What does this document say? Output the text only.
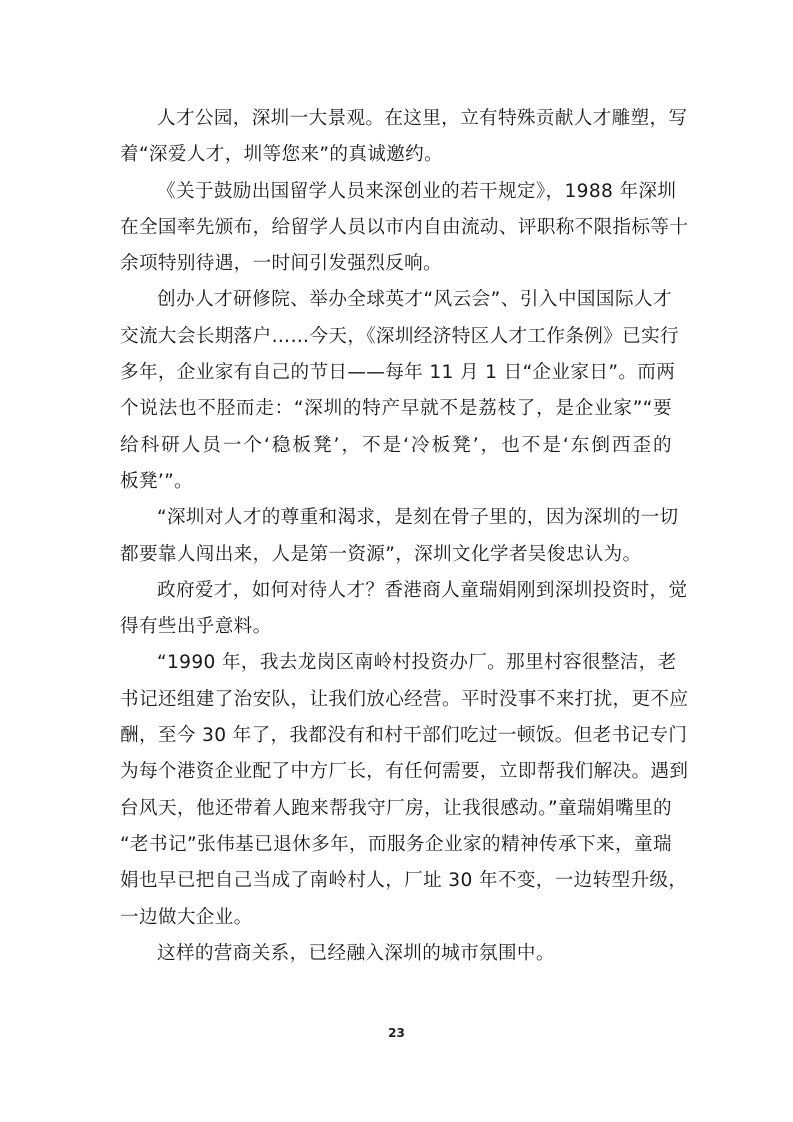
人才公园，深圳一大景观。在这里，立有特殊贡献人才雕塑，写
着“深爱人才，圳等您来”的真诚邀约。

《关于鼓励出国留学人员来深创业的若干规定》，1988 年深圳
在全国率先颁布，给留学人员以市内自由流动、评职称不限指标等十
余项特别待遇，一时间引发强烈反响。

创办人才研修院、举办全球英才“风云会”、引入中国国际人才
交流大会长期落户……今天，《深圳经济特区人才工作条例》已实行
多年，企业家有自己的节日——每年 11 月 1 日“企业家日”。而两
个说法也不胫而走：“深圳的特产早就不是荔枝了，是企业家”“要
给科研人员一个‘稳板凳’，不是‘冷板凳’，也不是‘东倒西歪的
板凳’”。

“深圳对人才的尊重和渴求，是刻在骨子里的，因为深圳的一切
都要靠人闯出来，人是第一资源”，深圳文化学者吴俊忠认为。

政府爱才，如何对待人才？香港商人童瑞娟刚到深圳投资时，觉
得有些出乎意料。

“1990 年，我去龙岗区南岭村投资办厂。那里村容很整洁，老
书记还组建了治安队，让我们放心经营。平时没事不来打扰，更不应
酬，至今 30 年了，我都没有和村干部们吃过一顿饭。但老书记专门
为每个港资企业配了中方厂长，有任何需要，立即帮我们解决。遇到
台风天，他还带着人跑来帮我守厂房，让我很感动。”童瑞娟嘴里的
“老书记”张伟基已退休多年，而服务企业家的精神传承下来，童瑞
娟也早已把自己当成了南岭村人，厂址 30 年不变，一边转型升级，
一边做大企业。

这样的营商关系，已经融入深圳的城市氛围中。

23
